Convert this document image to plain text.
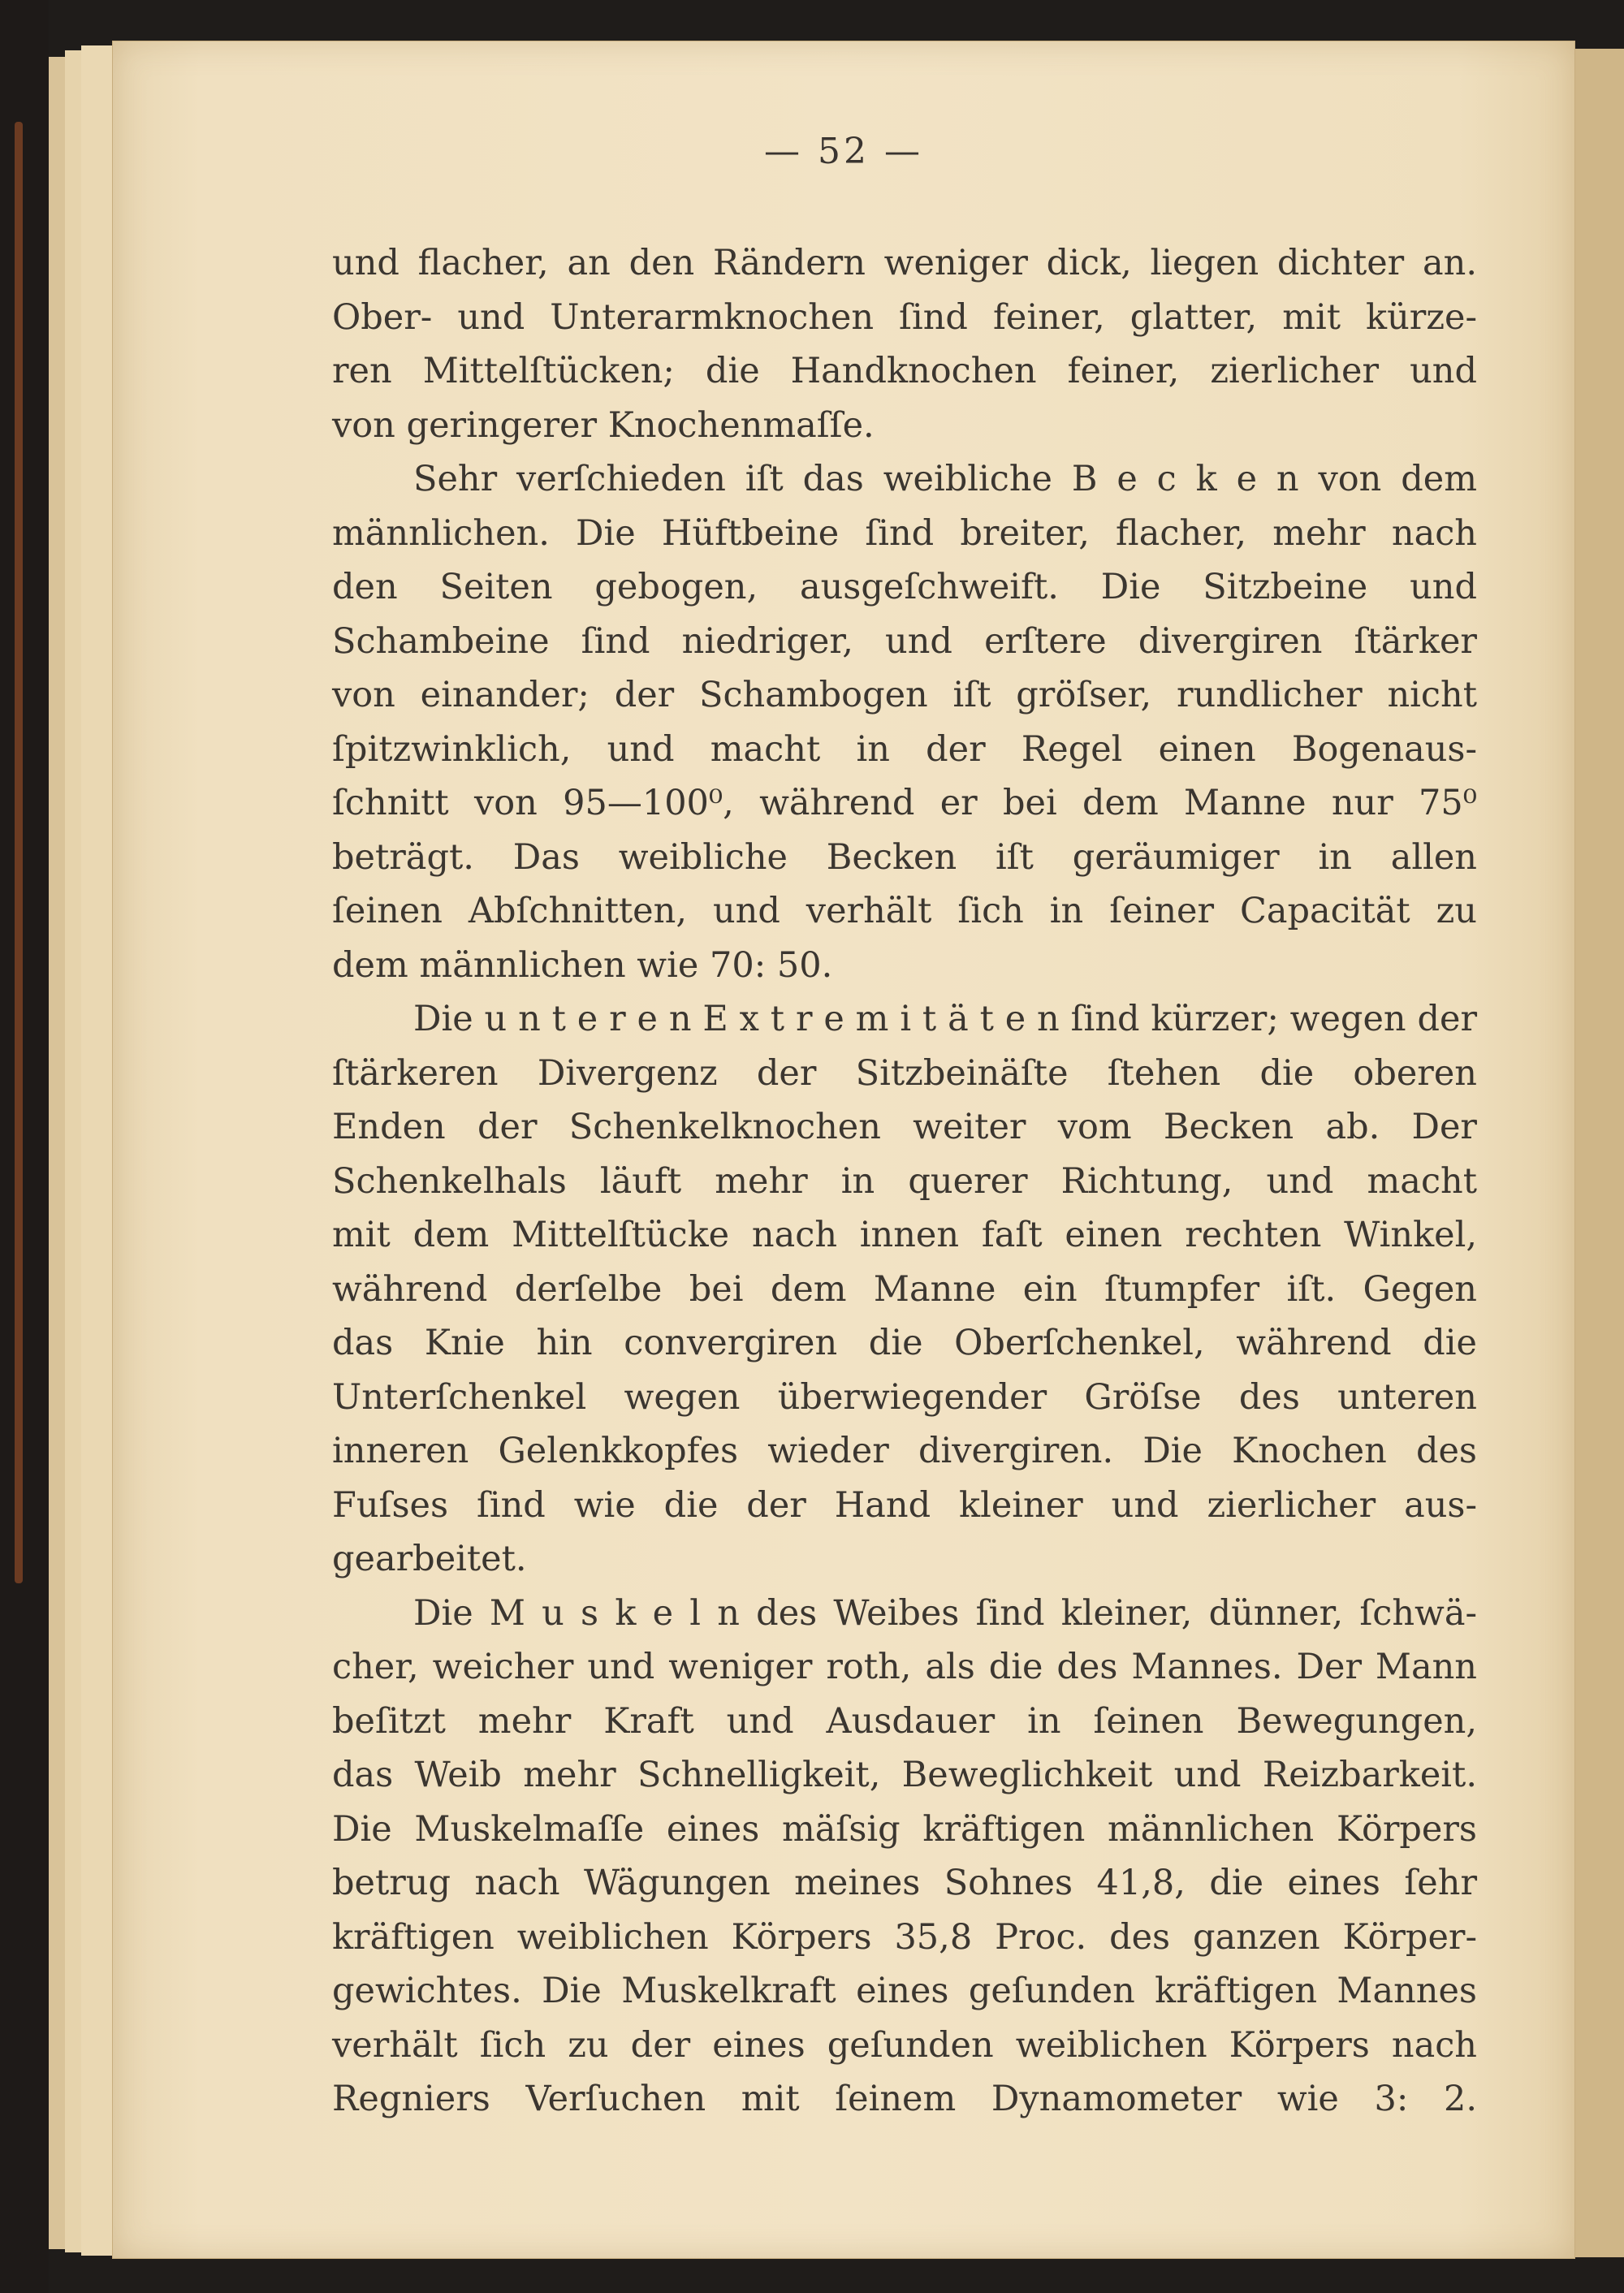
— 52 —
und flacher, an den Rändern weniger dick, liegen dichter an.
Ober- und Unterarmknochen ſind feiner, glatter, mit kürze-
ren Mittelſtücken; die Handknochen feiner, zierlicher und
von geringerer Knochenmaſſe.
Sehr verſchieden iſt das weibliche B e c k e n von dem
männlichen. Die Hüftbeine ſind breiter, flacher, mehr nach
den Seiten gebogen, ausgeſchweift. Die Sitzbeine und
Schambeine ſind niedriger, und erſtere divergiren ſtärker
von einander; der Schambogen iſt gröſser, rundlicher nicht
ſpitzwinklich, und macht in der Regel einen Bogenaus-
ſchnitt von 95—100⁰, während er bei dem Manne nur 75⁰
beträgt. Das weibliche Becken iſt geräumiger in allen
ſeinen Abſchnitten, und verhält ſich in ſeiner Capacität zu
dem männlichen wie 70: 50.
Die u n t e r e n E x t r e m i t ä t e n ſind kürzer; wegen der
ſtärkeren Divergenz der Sitzbeinäſte ſtehen die oberen
Enden der Schenkelknochen weiter vom Becken ab. Der
Schenkelhals läuft mehr in querer Richtung, und macht
mit dem Mittelſtücke nach innen faſt einen rechten Winkel,
während derſelbe bei dem Manne ein ſtumpfer iſt. Gegen
das Knie hin convergiren die Oberſchenkel, während die
Unterſchenkel wegen überwiegender Gröſse des unteren
inneren Gelenkkopfes wieder divergiren. Die Knochen des
Fuſses ſind wie die der Hand kleiner und zierlicher aus-
gearbeitet.
Die M u s k e l n des Weibes ſind kleiner, dünner, ſchwä-
cher, weicher und weniger roth, als die des Mannes. Der Mann
beſitzt mehr Kraft und Ausdauer in ſeinen Bewegungen,
das Weib mehr Schnelligkeit, Beweglichkeit und Reizbarkeit.
Die Muskelmaſſe eines mäſsig kräftigen männlichen Körpers
betrug nach Wägungen meines Sohnes 41,8, die eines ſehr
kräftigen weiblichen Körpers 35,8 Proc. des ganzen Körper-
gewichtes. Die Muskelkraft eines geſunden kräftigen Mannes
verhält ſich zu der eines geſunden weiblichen Körpers nach
Regniers Verſuchen mit ſeinem Dynamometer wie 3: 2.
